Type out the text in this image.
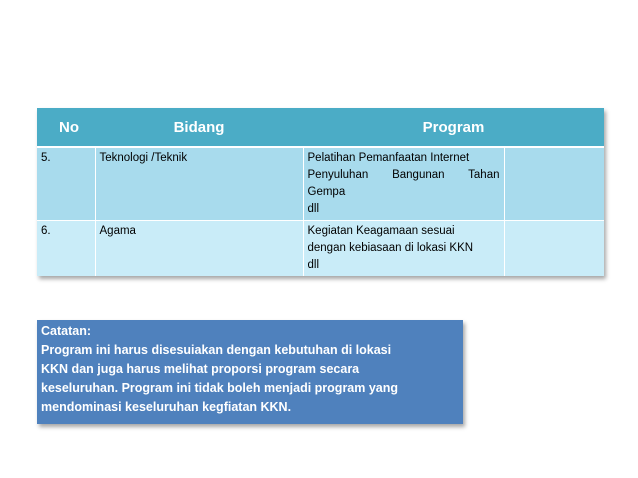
No	Bidang	Program	
5.	Teknologi /Teknik	Pelatihan Pemanfaatan Internet
Penyuluhan Bangunan Tahan
Gempa
dll	

6.	Agama	Kegiatan Keagamaan sesuai
dengan kebiasaan di lokasi KKN
dll	

Catatan:
Program ini harus disesuiakan dengan kebutuhan di lokasi
KKN dan juga harus melihat proporsi program secara
keseluruhan. Program ini tidak boleh menjadi program yang
mendominasi keseluruhan kegfiatan KKN.
